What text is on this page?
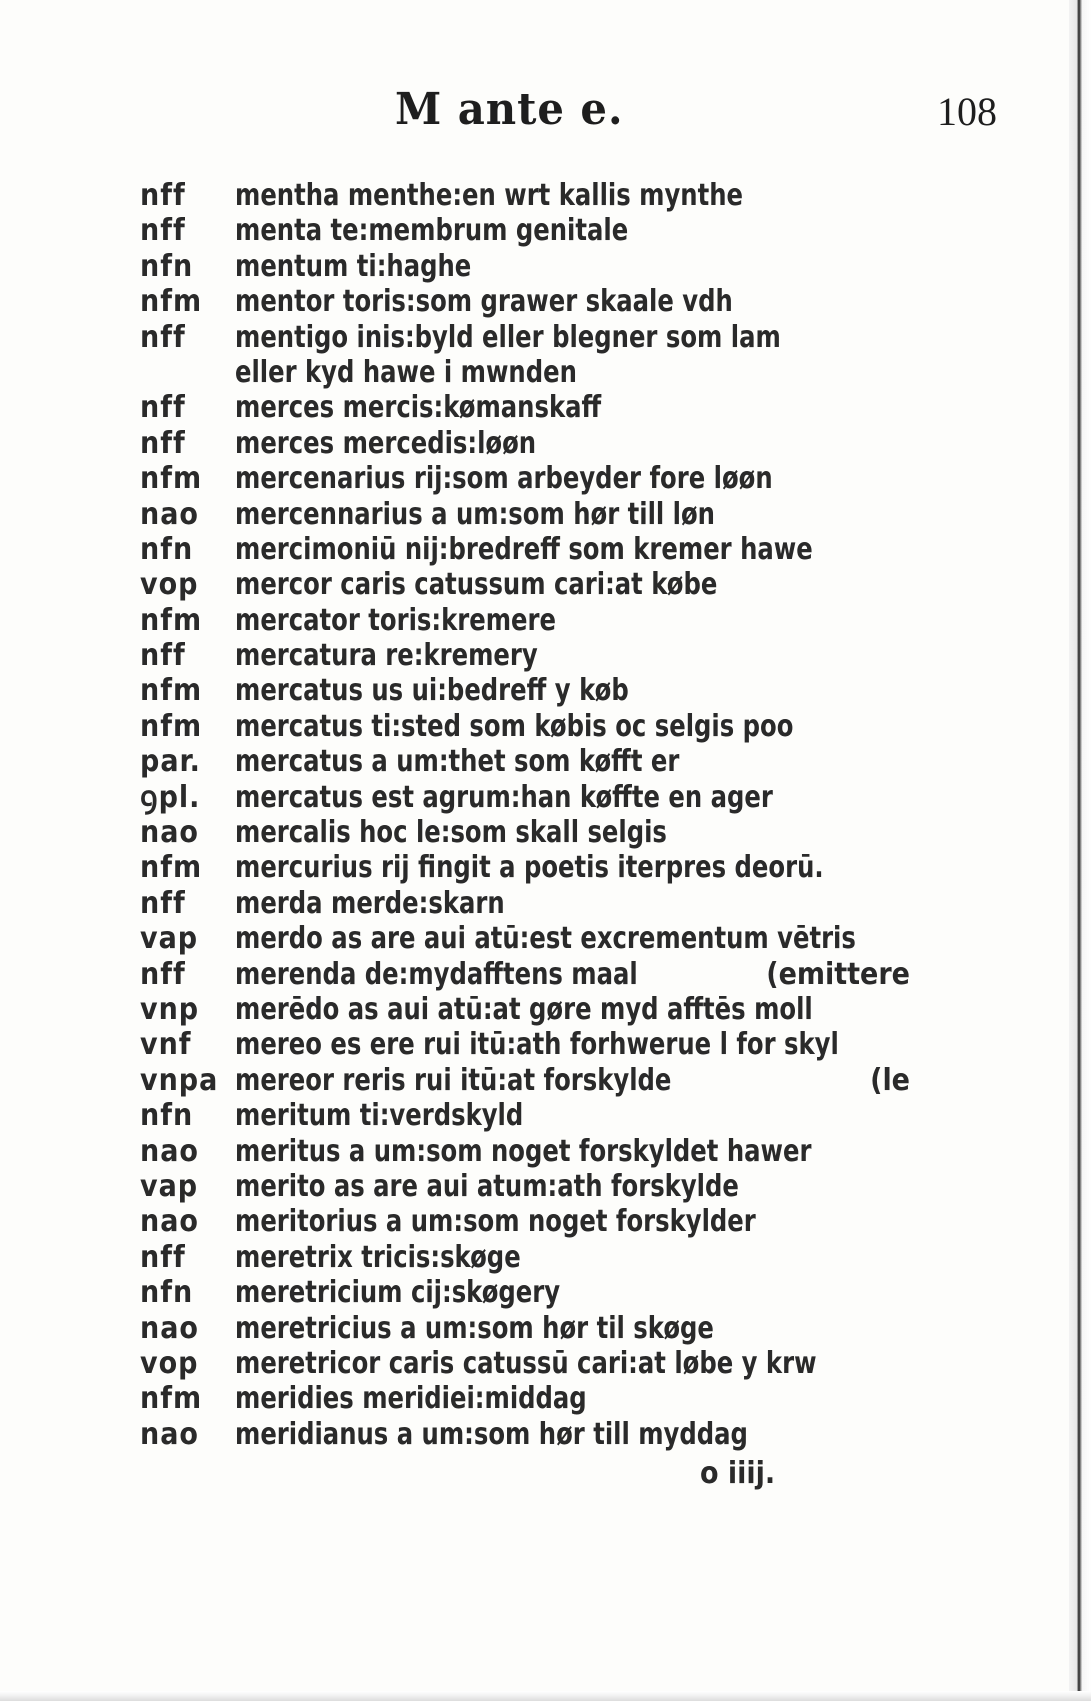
M ante e.	108
nff	mentha menthe:en wrt kallis mynthe
nff	menta te:membrum genitale
nfn	mentum ti:haghe
nfm	mentor toris:som grawer skaale vdh
nff	mentigo inis:byld eller blegner som lam
eller kyd hawe i mwnden
nff	merces mercis:kømanskaff
nff	merces mercedis:løøn
nfm	mercenarius rij:som arbeyder fore løøn
nao	mercennarius a um:som hør till løn
nfn	mercimoniū nij:bredreff som kremer hawe
vop	mercor caris catussum cari:at købe
nfm	mercator toris:kremere
nff	mercatura re:kremery
nfm	mercatus us ui:bedreff y køb
nfm	mercatus ti:sted som købis oc selgis poo
par.	mercatus a um:thet som køfft er
ꝯpl.	mercatus est agrum:han køffte en ager
nao	mercalis hoc le:som skall selgis
nfm	mercurius rij fingit a poetis iterpres deorū.
nff	merda merde:skarn
vap	merdo as are aui atū:est excrementum vētris
nff	merenda de:mydafftens maal	(emittere
vnp	merēdo as aui atū:at gøre myd afftēs moll
vnf	mereo es ere rui itū:ath forhwerue l for skyl
vnpa mereor reris rui itū:at forskylde	(le
nfn	meritum ti:verdskyld
nao	meritus a um:som noget forskyldet hawer
vap	merito as are aui atum:ath forskylde
nao	meritorius a um:som noget forskylder
nff	meretrix tricis:skøge
nfn	meretricium cij:skøgery
nao	meretricius a um:som hør til skøge
vop	meretricor caris catussū cari:at løbe y krw
nfm	meridies meridiei:middag
nao	meridianus a um:som hør till myddag
o iiij.
